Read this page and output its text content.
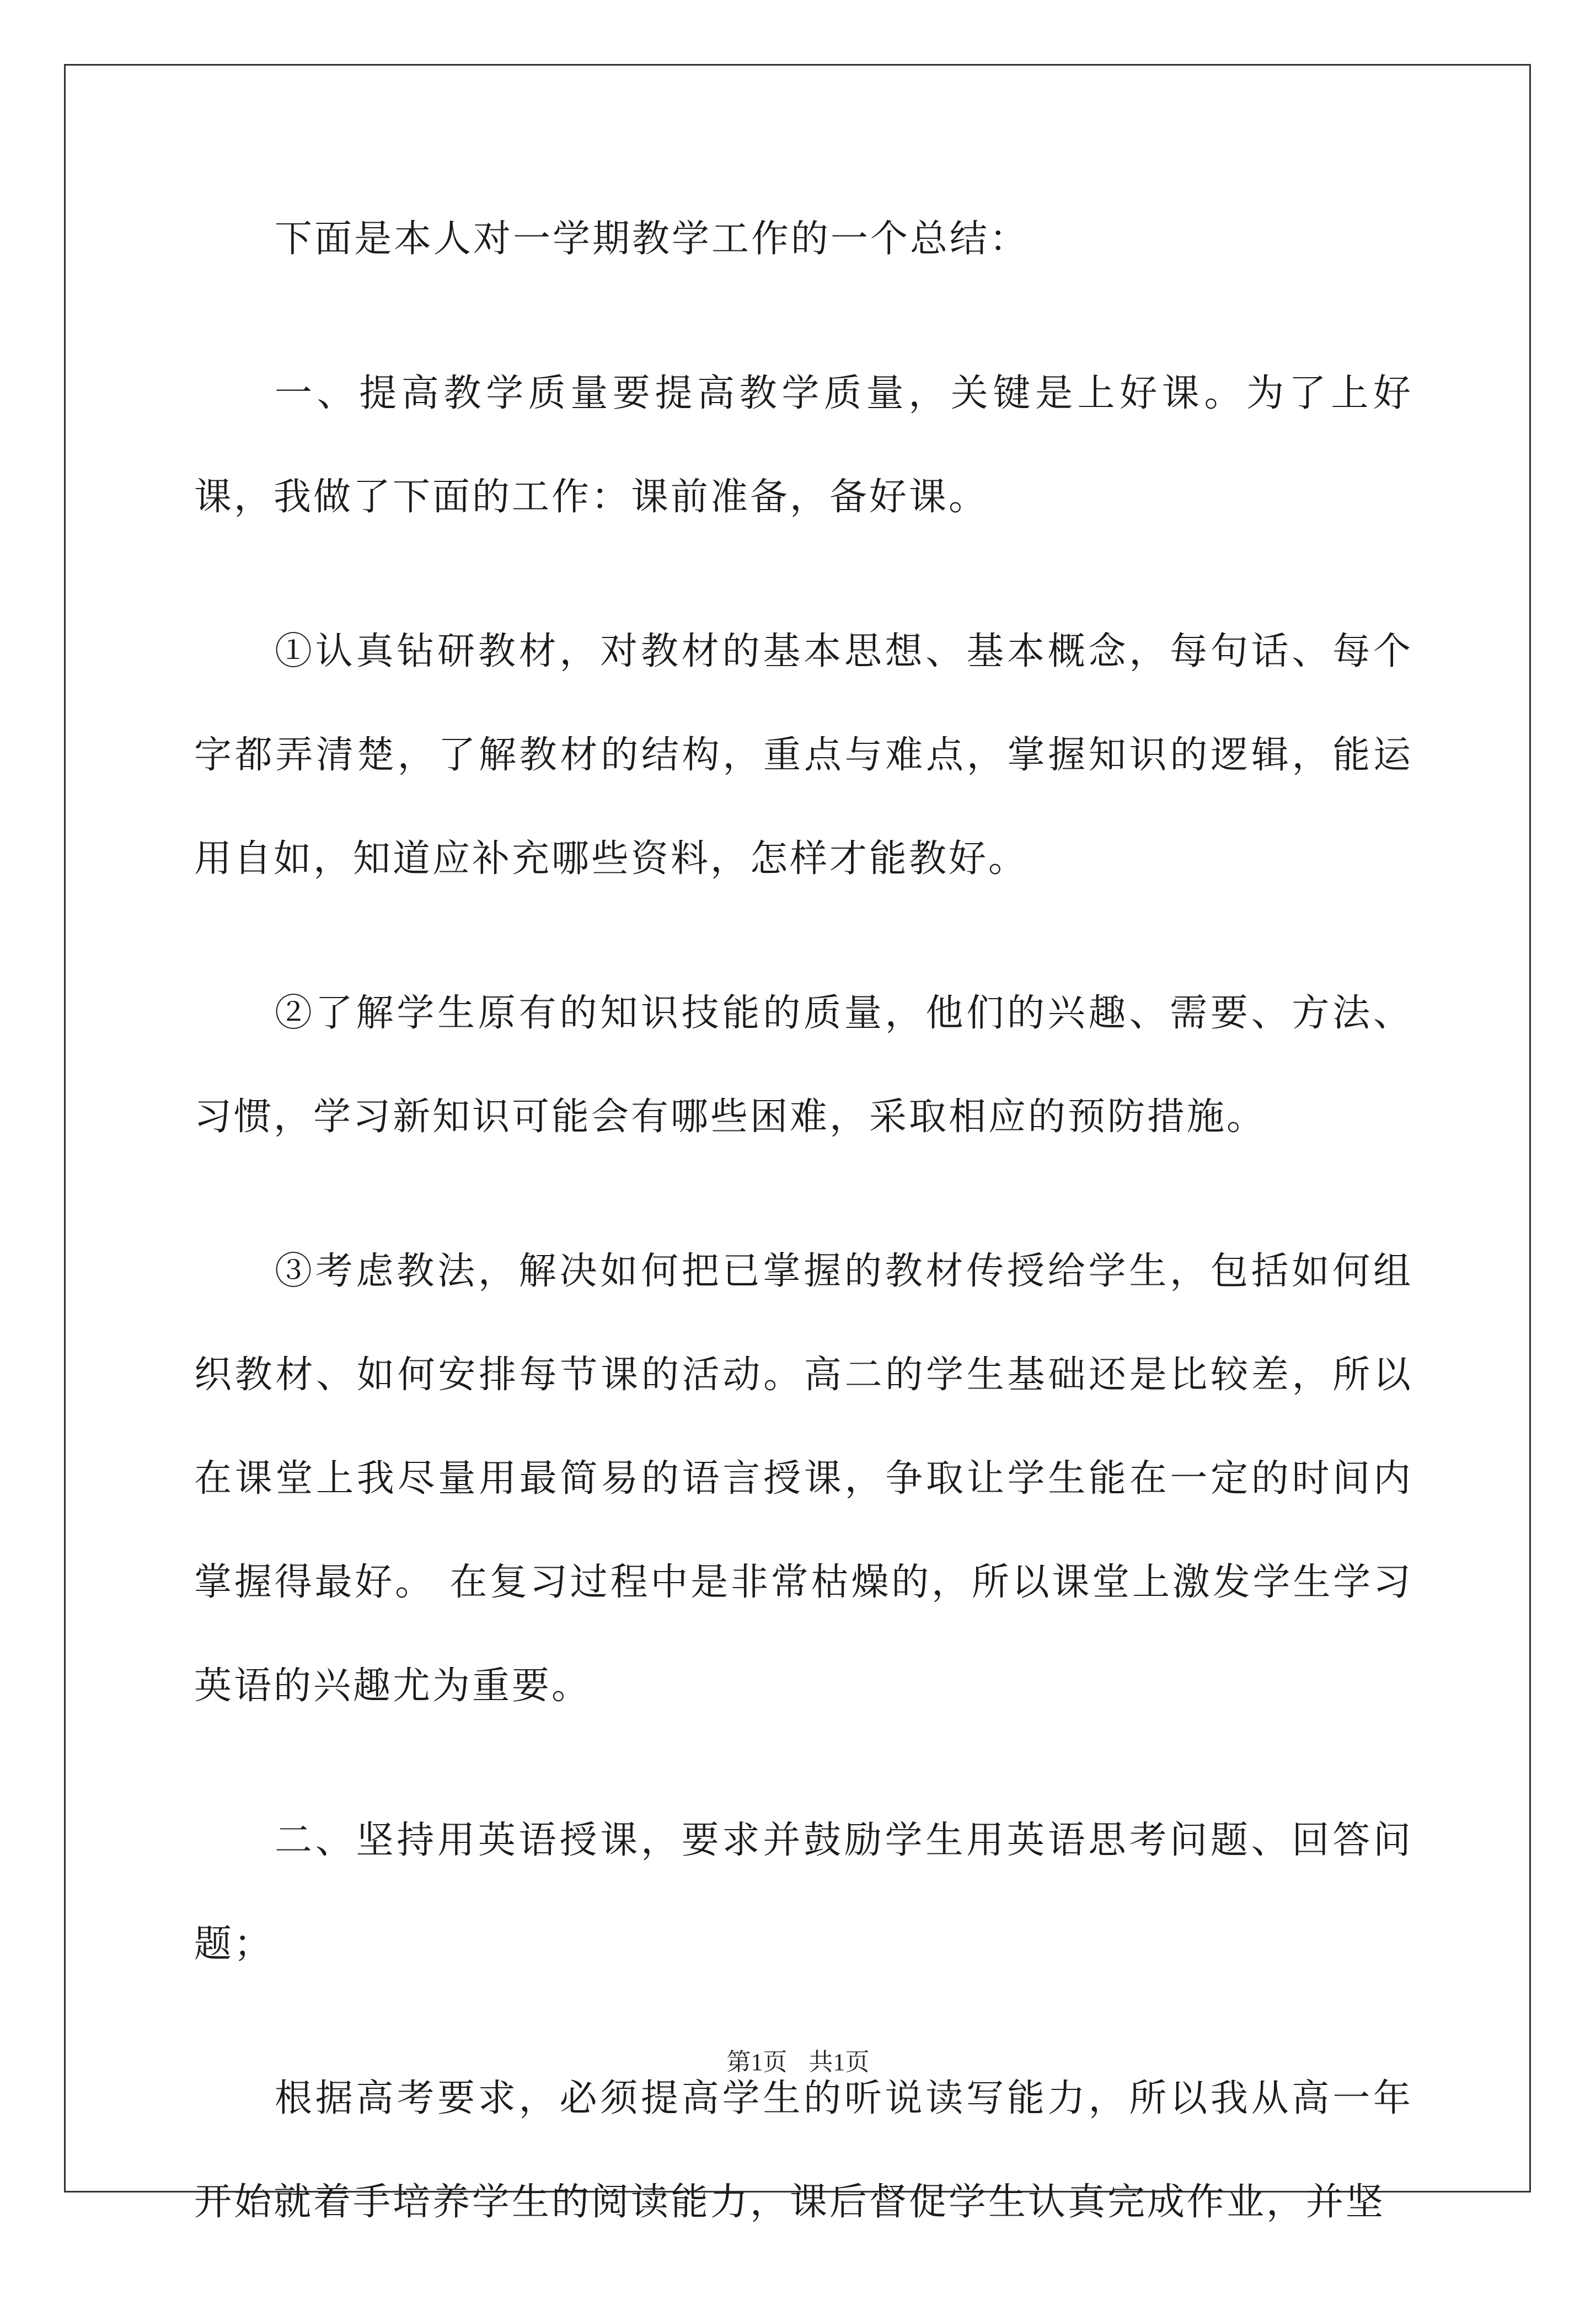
下面是本人对一学期教学工作的一个总结：

一、提高教学质量要提高教学质量，关键是上好课。为了上好课，我做了下面的工作：课前准备，备好课。

①认真钻研教材，对教材的基本思想、基本概念，每句话、每个字都弄清楚，了解教材的结构，重点与难点，掌握知识的逻辑，能运用自如，知道应补充哪些资料，怎样才能教好。

②了解学生原有的知识技能的质量，他们的兴趣、需要、方法、习惯，学习新知识可能会有哪些困难，采取相应的预防措施。

③考虑教法，解决如何把已掌握的教材传授给学生，包括如何组织教材、如何安排每节课的活动。高二的学生基础还是比较差，所以在课堂上我尽量用最简易的语言授课，争取让学生能在一定的时间内掌握得最好。 在复习过程中是非常枯燥的，所以课堂上激发学生学习英语的兴趣尤为重要。

二、坚持用英语授课，要求并鼓励学生用英语思考问题、回答问题；

根据高考要求，必须提高学生的听说读写能力，所以我从高一年开始就着手培养学生的阅读能力，课后督促学生认真完成作业，并坚

第1页 共1页
